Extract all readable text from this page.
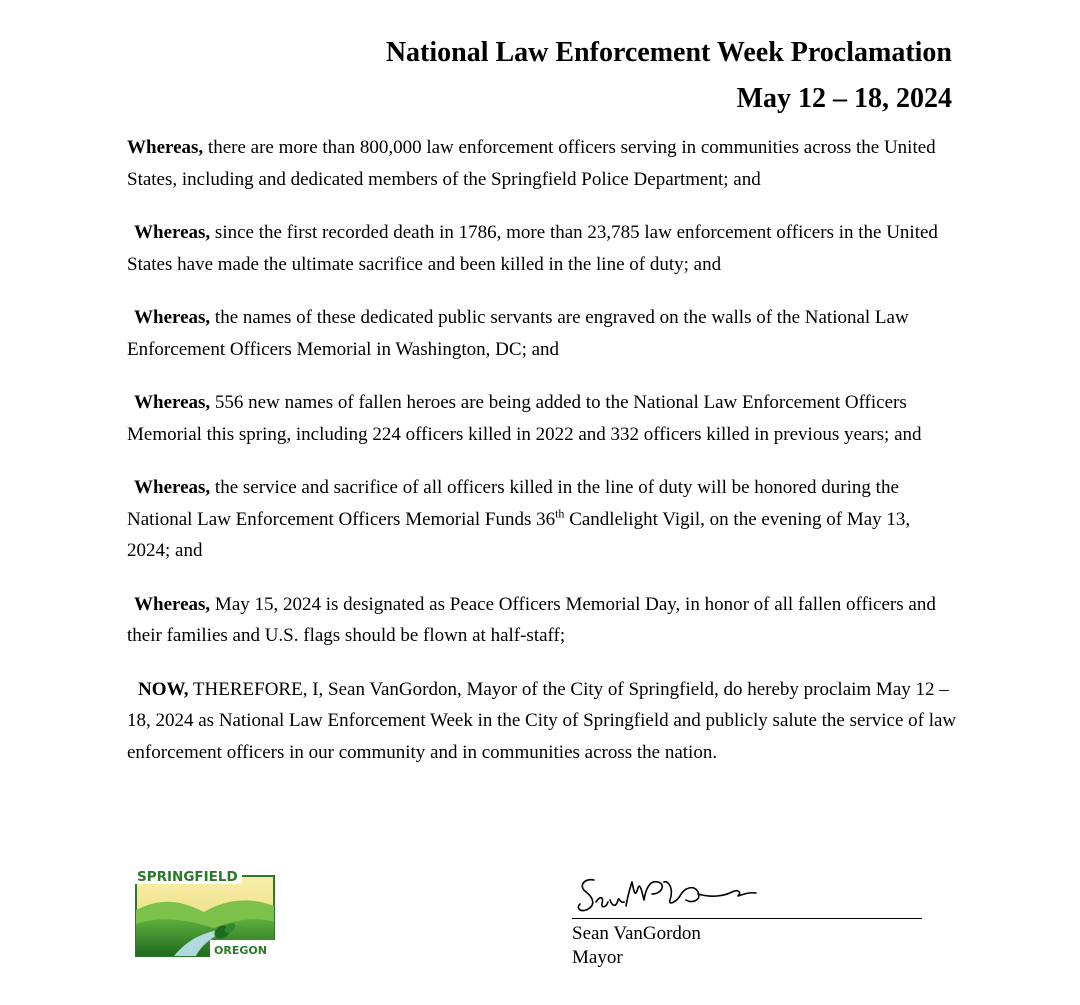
National Law Enforcement Week Proclamation
May 12 – 18, 2024

Whereas, there are more than 800,000 law enforcement officers serving in communities across the United States, including and dedicated members of the Springfield Police Department; and

Whereas, since the first recorded death in 1786, more than 23,785 law enforcement officers in the United States have made the ultimate sacrifice and been killed in the line of duty; and

Whereas, the names of these dedicated public servants are engraved on the walls of the National Law Enforcement Officers Memorial in Washington, DC; and

Whereas, 556 new names of fallen heroes are being added to the National Law Enforcement Officers Memorial this spring, including 224 officers killed in 2022 and 332 officers killed in previous years; and

Whereas, the service and sacrifice of all officers killed in the line of duty will be honored during the National Law Enforcement Officers Memorial Funds 36th Candlelight Vigil, on the evening of May 13, 2024; and

Whereas, May 15, 2024 is designated as Peace Officers Memorial Day, in honor of all fallen officers and their families and U.S. flags should be flown at half-staff;

NOW, THEREFORE, I, Sean VanGordon, Mayor of the City of Springfield, do hereby proclaim May 12 – 18, 2024 as National Law Enforcement Week in the City of Springfield and publicly salute the service of law enforcement officers in our community and in communities across the nation.

SPRINGFIELD
OREGON
Sean VanGordon
Mayor
